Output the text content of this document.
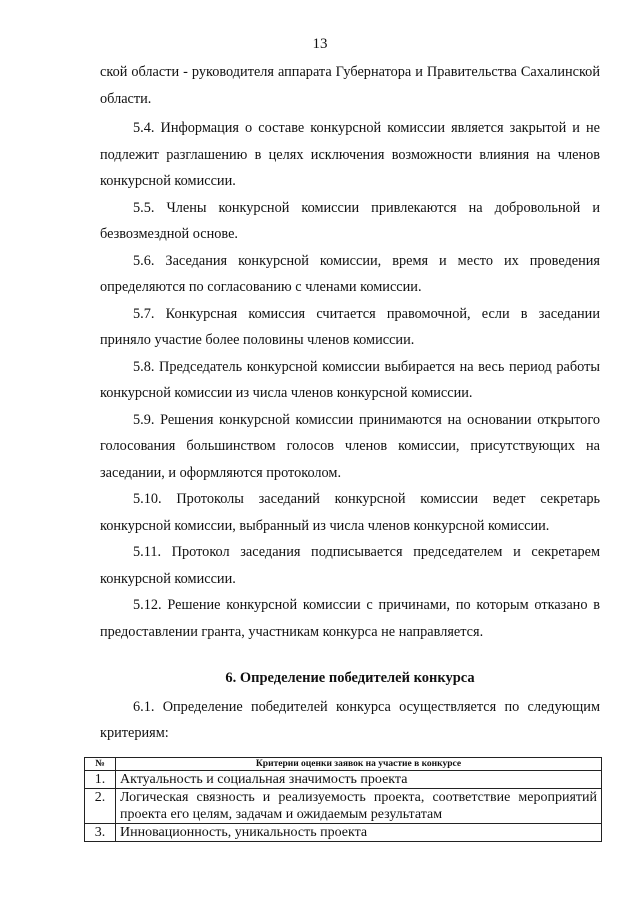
13

ской области - руководителя аппарата Губернатора и Правительства Сахалинской области.

5.4. Информация о составе конкурсной комиссии является закрытой и не подлежит разглашению в целях исключения возможности влияния на членов конкурсной комиссии.

5.5. Члены конкурсной комиссии привлекаются на добровольной и безвозмездной основе.

5.6. Заседания конкурсной комиссии, время и место их проведения определяются по согласованию с членами комиссии.

5.7. Конкурсная комиссия считается правомочной, если в заседании приняло участие более половины членов комиссии.

5.8. Председатель конкурсной комиссии выбирается на весь период работы конкурсной комиссии из числа членов конкурсной комиссии.

5.9. Решения конкурсной комиссии принимаются на основании открытого голосования большинством голосов членов комиссии, присутствующих на заседании, и оформляются протоколом.

5.10. Протоколы заседаний конкурсной комиссии ведет секретарь конкурсной комиссии, выбранный из числа членов конкурсной комиссии.

5.11. Протокол заседания подписывается председателем и секретарем конкурсной комиссии.

5.12. Решение конкурсной комиссии с причинами, по которым отказано в предоставлении гранта, участникам конкурса не направляется.

6. Определение победителей конкурса

6.1. Определение победителей конкурса осуществляется по следующим критериям:

№	Критерии оценки заявок на участие в конкурсе
1.	Актуальность и социальная значимость проекта
2.	Логическая связность и реализуемость проекта, соответствие мероприятий проекта его целям, задачам и ожидаемым результатам
3.	Инновационность, уникальность проекта
